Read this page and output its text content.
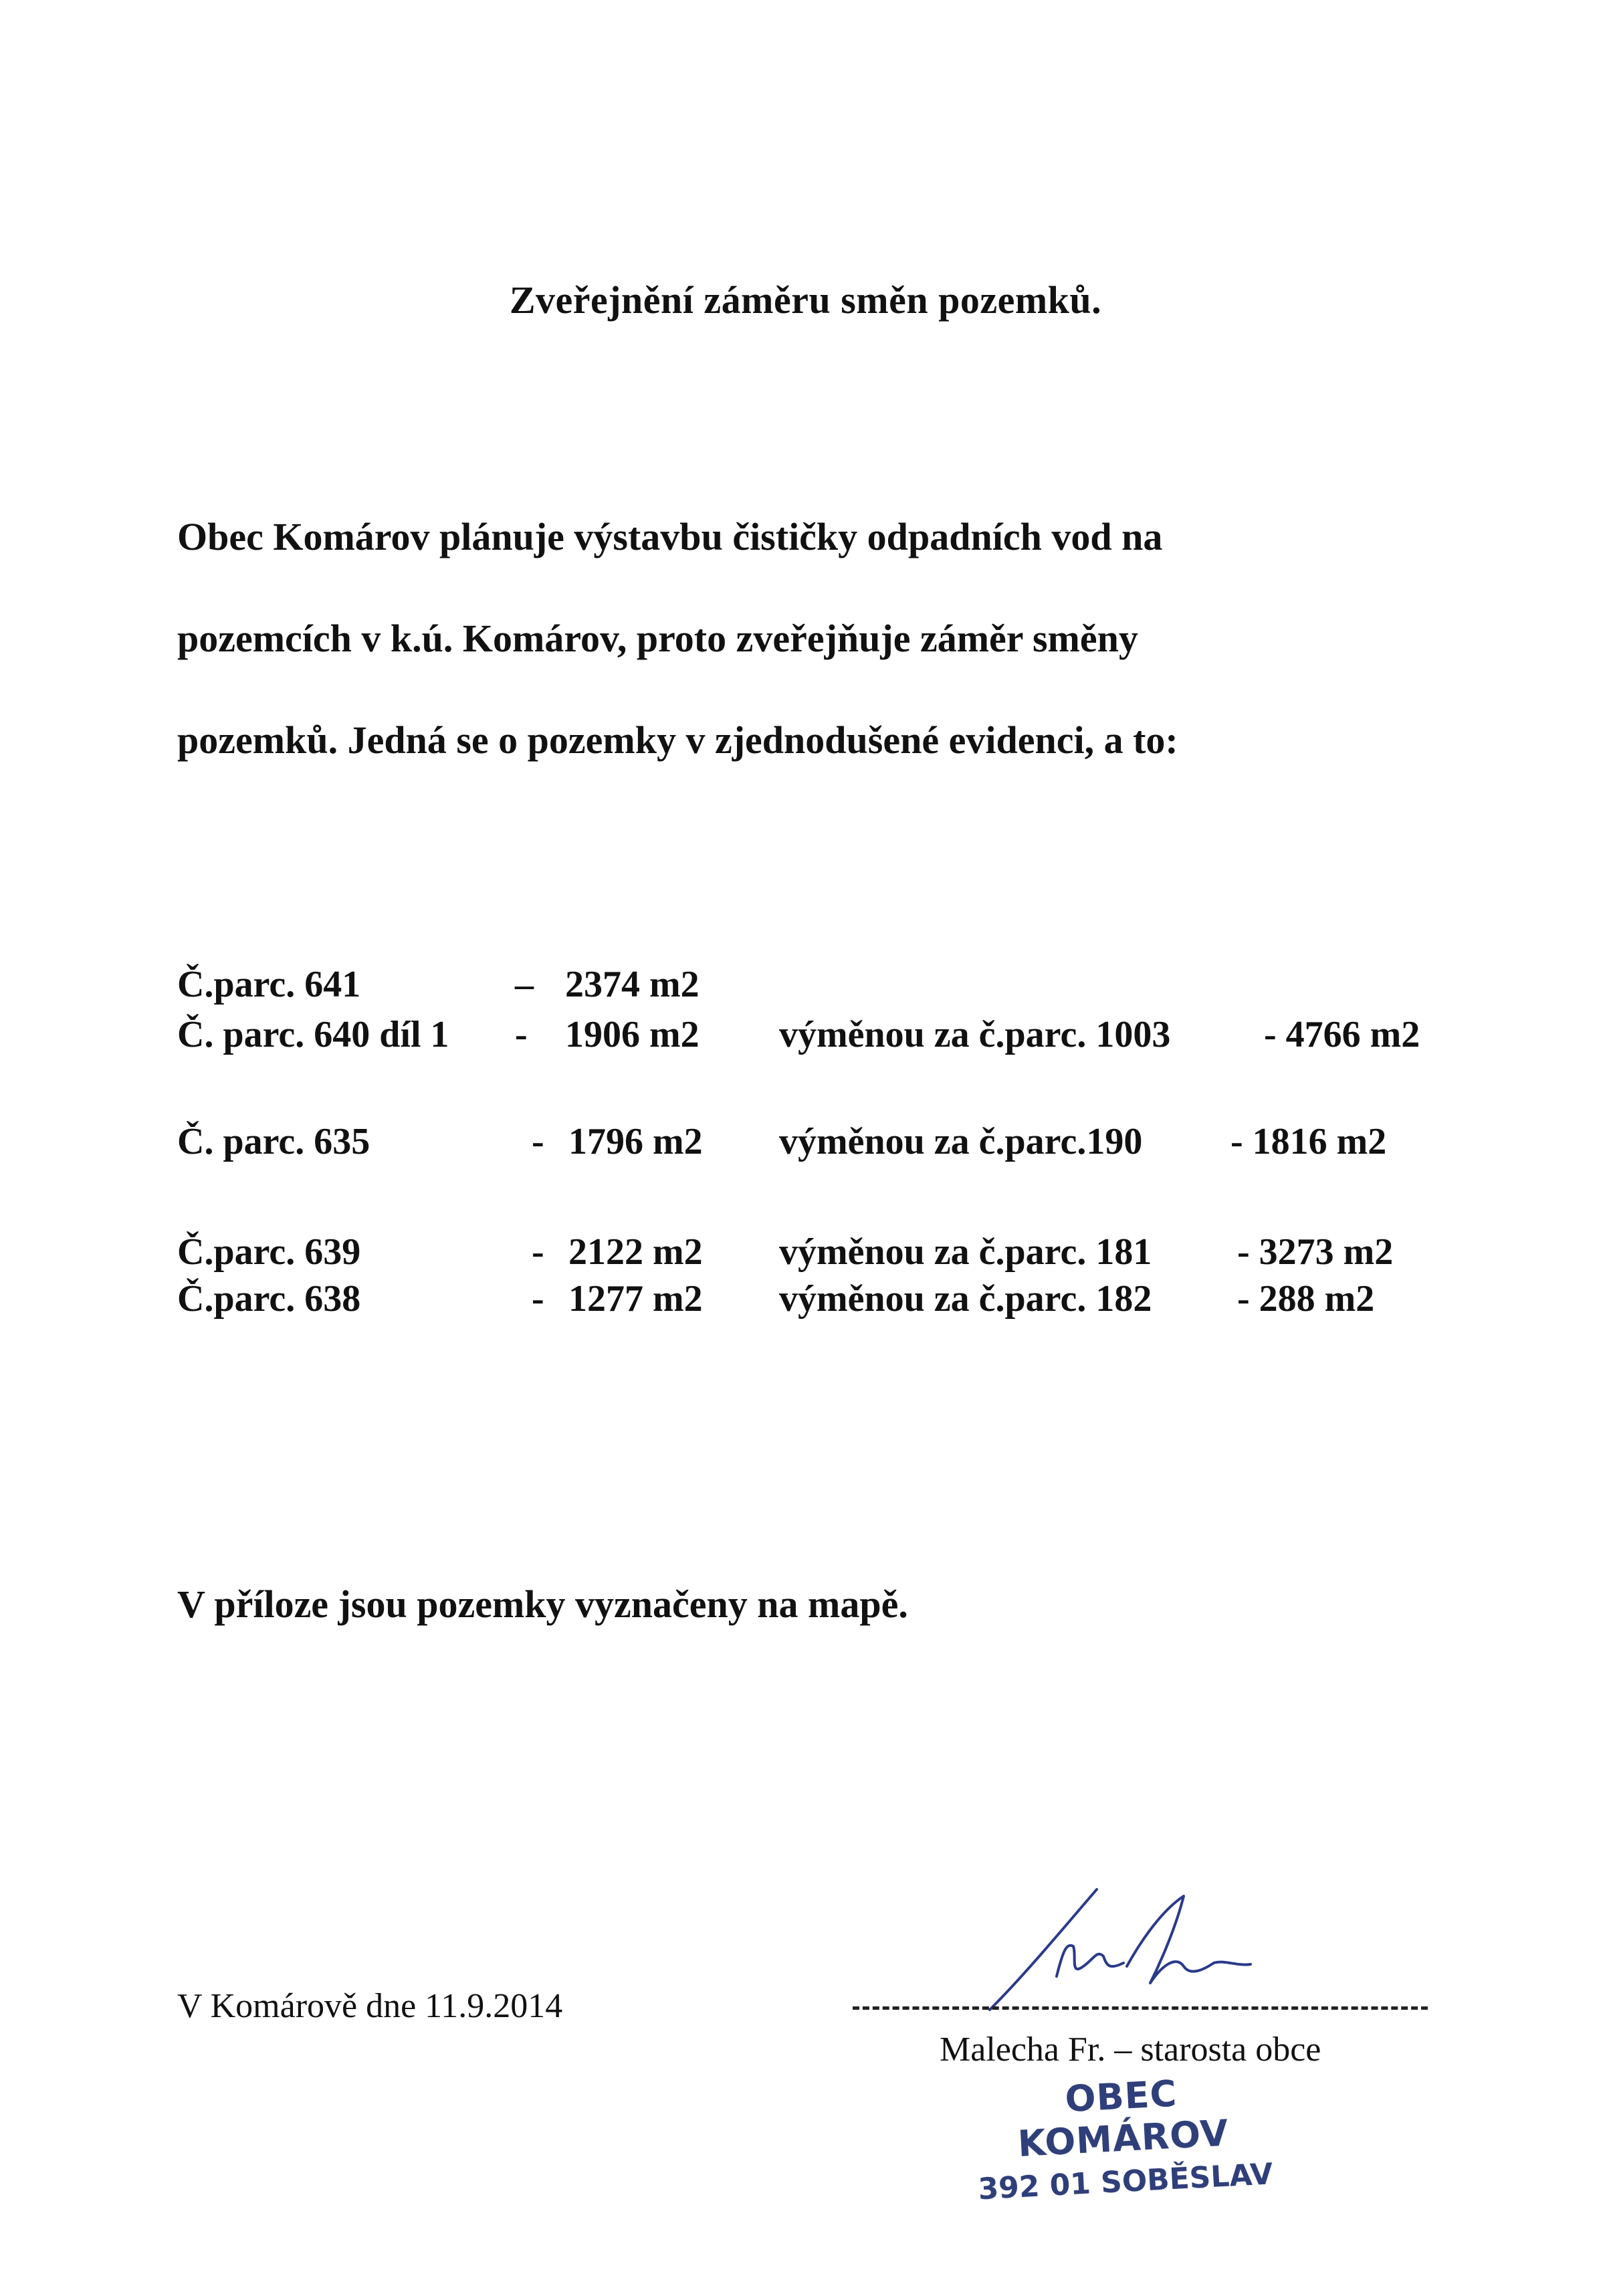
Zveřejnění záměru směn pozemků.
Obec Komárov plánuje výstavbu čističky odpadních vod na
pozemcích v k.ú. Komárov, proto zveřejňuje záměr směny
pozemků. Jedná se o pozemky v zjednodušené evidenci, a to:
Č.parc. 641	– 2374 m2
Č. parc. 640 díl 1 - 1906 m2 výměnou za č.parc. 1003 - 4766 m2
Č. parc. 635	- 1796 m2 výměnou za č.parc.190 - 1816 m2
Č.parc. 639	- 2122 m2 výměnou za č.parc. 181 - 3273 m2
Č.parc. 638	- 1277 m2 výměnou za č.parc. 182 - 288 m2
V příloze jsou pozemky vyznačeny na mapě.
V Komárově dne 11.9.2014
Malecha Fr. – starosta obce
OBEC KOMÁROV
392 01 SOBĚSLAV
